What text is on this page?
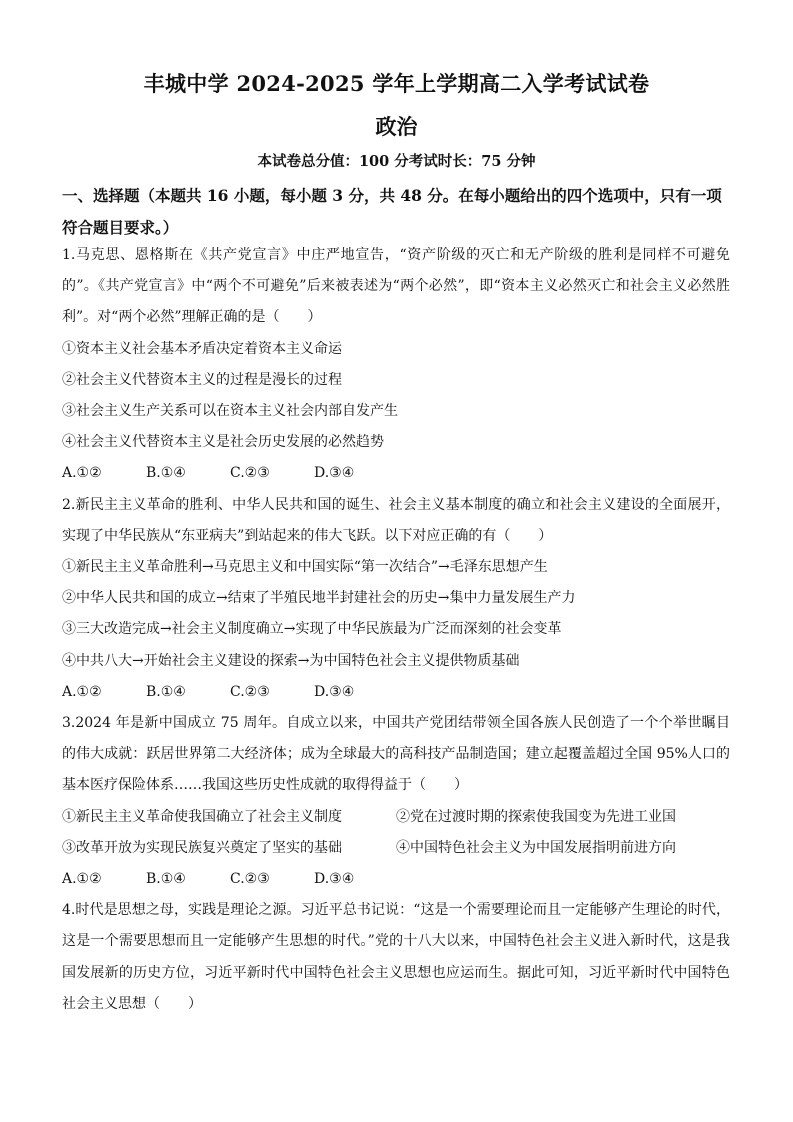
丰城中学 2024-2025 学年上学期高二入学考试试卷
政治
本试卷总分值：100 分考试时长：75 分钟
一、选择题（本题共 16 小题，每小题 3 分，共 48 分。在每小题给出的四个选项中，只有一项符合题目要求。）
1.马克思、恩格斯在《共产党宣言》中庄严地宣告，“资产阶级的灭亡和无产阶级的胜利是同样不可避免的”。《共产党宣言》中“两个不可避免”后来被表述为“两个必然”，即“资本主义必然灭亡和社会主义必然胜利”。对“两个必然”理解正确的是（　　）
①资本主义社会基本矛盾决定着资本主义命运
②社会主义代替资本主义的过程是漫长的过程
③社会主义生产关系可以在资本主义社会内部自发产生
④社会主义代替资本主义是社会历史发展的必然趋势
A.①②	B.①④	C.②③	D.③④
2.新民主主义革命的胜利、中华人民共和国的诞生、社会主义基本制度的确立和社会主义建设的全面展开，实现了中华民族从“东亚病夫”到站起来的伟大飞跃。以下对应正确的有（　　）
①新民主主义革命胜利→马克思主义和中国实际“第一次结合”→毛泽东思想产生
②中华人民共和国的成立→结束了半殖民地半封建社会的历史→集中力量发展生产力
③三大改造完成→社会主义制度确立→实现了中华民族最为广泛而深刻的社会变革
④中共八大→开始社会主义建设的探索→为中国特色社会主义提供物质基础
A.①②	B.①④	C.②③	D.③④
3.2024 年是新中国成立 75 周年。自成立以来，中国共产党团结带领全国各族人民创造了一个个举世瞩目的伟大成就：跃居世界第二大经济体；成为全球最大的高科技产品制造国；建立起覆盖超过全国 95%人口的基本医疗保险体系……我国这些历史性成就的取得得益于（　　）
①新民主主义革命使我国确立了社会主义制度	②党在过渡时期的探索使我国变为先进工业国
③改革开放为实现民族复兴奠定了坚实的基础	④中国特色社会主义为中国发展指明前进方向
A.①②	B.①④	C.②③	D.③④
4.时代是思想之母，实践是理论之源。习近平总书记说：“这是一个需要理论而且一定能够产生理论的时代，这是一个需要思想而且一定能够产生思想的时代。”党的十八大以来，中国特色社会主义进入新时代，这是我国发展新的历史方位，习近平新时代中国特色社会主义思想也应运而生。据此可知，习近平新时代中国特色社会主义思想（　　）
